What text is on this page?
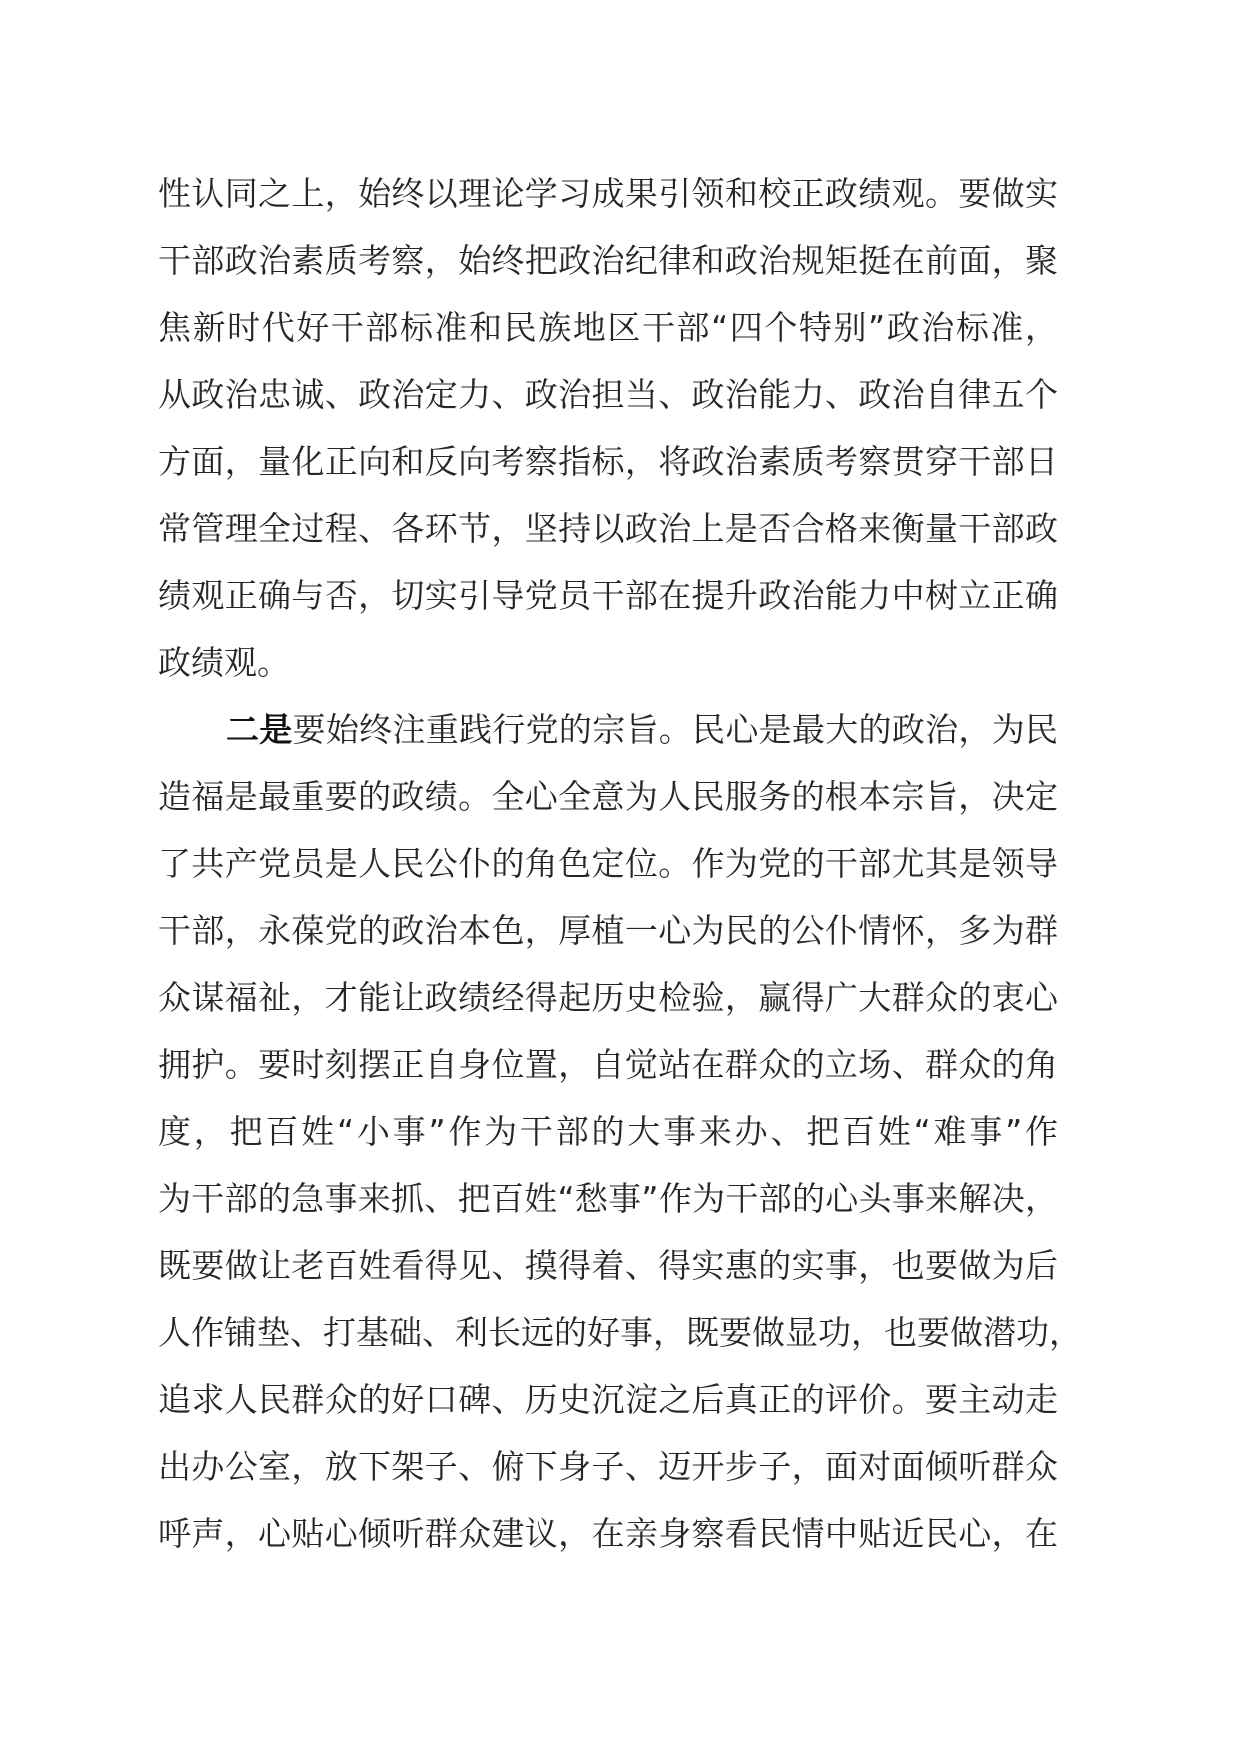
性认同之上，始终以理论学习成果引领和校正政绩观。要做实
干部政治素质考察，始终把政治纪律和政治规矩挺在前面，聚
焦新时代好干部标准和民族地区干部“四个特别”政治标准，
从政治忠诚、政治定力、政治担当、政治能力、政治自律五个
方面，量化正向和反向考察指标，将政治素质考察贯穿干部日
常管理全过程、各环节，坚持以政治上是否合格来衡量干部政
绩观正确与否，切实引导党员干部在提升政治能力中树立正确
政绩观。
二是要始终注重践行党的宗旨。民心是最大的政治，为民
造福是最重要的政绩。全心全意为人民服务的根本宗旨，决定
了共产党员是人民公仆的角色定位。作为党的干部尤其是领导
干部，永葆党的政治本色，厚植一心为民的公仆情怀，多为群
众谋福祉，才能让政绩经得起历史检验，赢得广大群众的衷心
拥护。要时刻摆正自身位置，自觉站在群众的立场、群众的角
度，把百姓“小事”作为干部的大事来办、把百姓“难事”作
为干部的急事来抓、把百姓“愁事”作为干部的心头事来解决，
既要做让老百姓看得见、摸得着、得实惠的实事，也要做为后
人作铺垫、打基础、利长远的好事，既要做显功，也要做潜功，
追求人民群众的好口碑、历史沉淀之后真正的评价。要主动走
出办公室，放下架子、俯下身子、迈开步子，面对面倾听群众
呼声，心贴心倾听群众建议，在亲身察看民情中贴近民心，在
